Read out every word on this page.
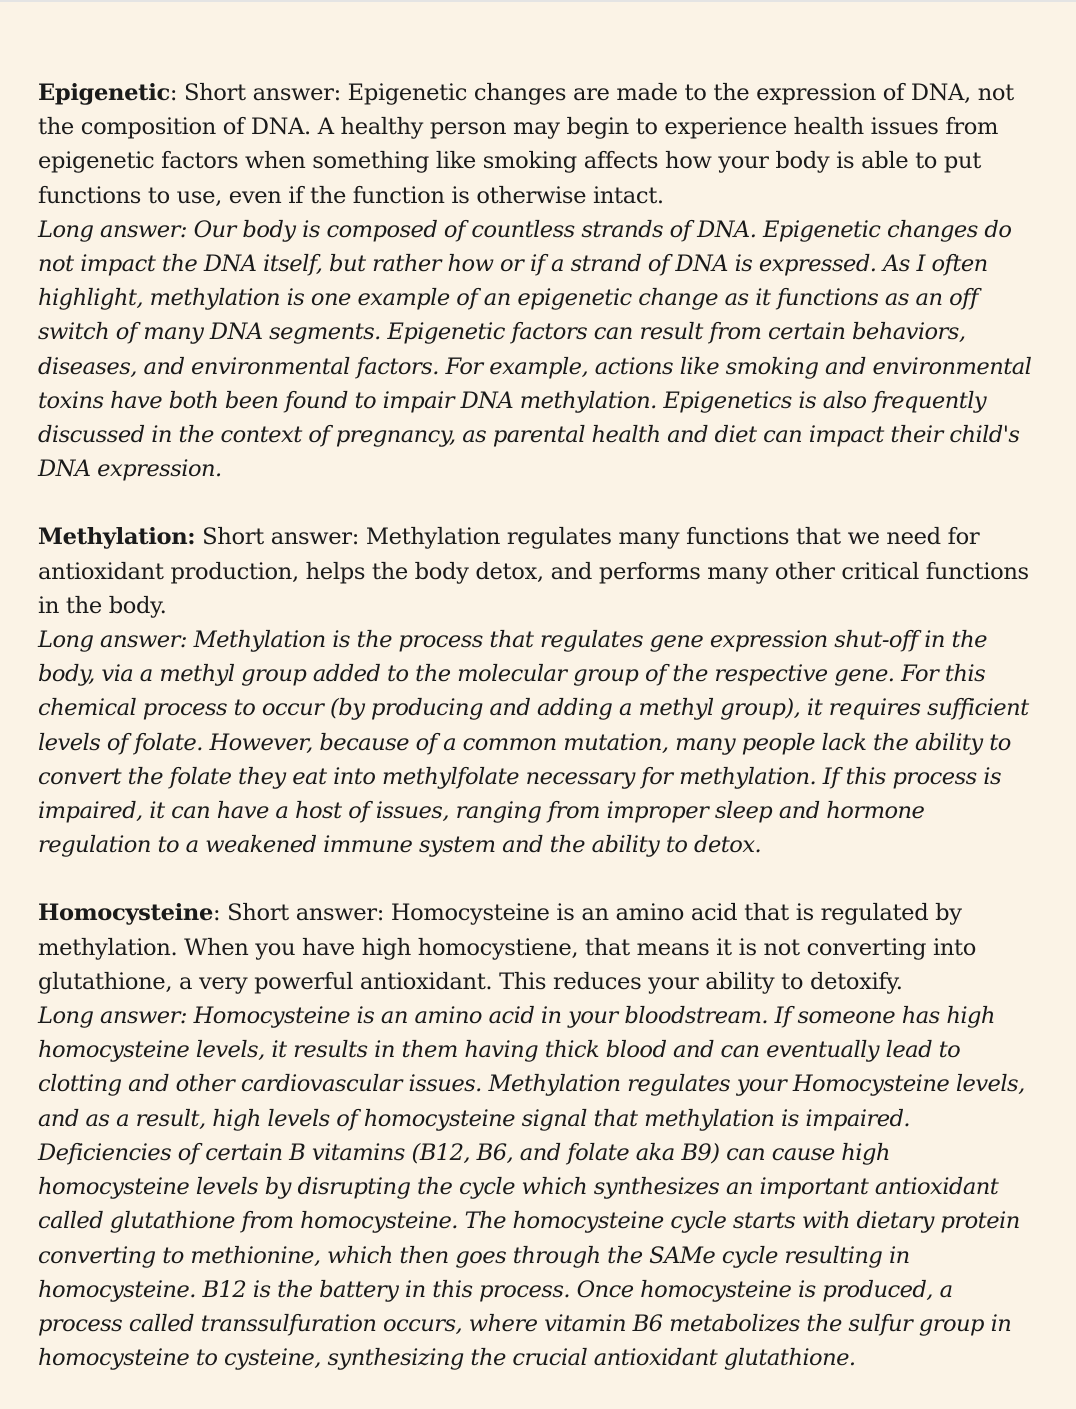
Epigenetic: Short answer: Epigenetic changes are made to the expression of DNA, not the composition of DNA. A healthy person may begin to experience health issues from epigenetic factors when something like smoking affects how your body is able to put functions to use, even if the function is otherwise intact.

Long answer: Our body is composed of countless strands of DNA. Epigenetic changes do not impact the DNA itself, but rather how or if a strand of DNA is expressed. As I often highlight, methylation is one example of an epigenetic change as it functions as an off switch of many DNA segments. Epigenetic factors can result from certain behaviors, diseases, and environmental factors. For example, actions like smoking and environmental toxins have both been found to impair DNA methylation. Epigenetics is also frequently discussed in the context of pregnancy, as parental health and diet can impact their child's DNA expression.

Methylation: Short answer: Methylation regulates many functions that we need for antioxidant production, helps the body detox, and performs many other critical functions in the body.

Long answer: Methylation is the process that regulates gene expression shut-off in the body, via a methyl group added to the molecular group of the respective gene. For this chemical process to occur (by producing and adding a methyl group), it requires sufficient levels of folate. However, because of a common mutation, many people lack the ability to convert the folate they eat into methylfolate necessary for methylation. If this process is impaired, it can have a host of issues, ranging from improper sleep and hormone regulation to a weakened immune system and the ability to detox.

Homocysteine: Short answer: Homocysteine is an amino acid that is regulated by methylation. When you have high homocystiene, that means it is not converting into glutathione, a very powerful antioxidant. This reduces your ability to detoxify.

Long answer: Homocysteine is an amino acid in your bloodstream. If someone has high homocysteine levels, it results in them having thick blood and can eventually lead to clotting and other cardiovascular issues. Methylation regulates your Homocysteine levels, and as a result, high levels of homocysteine signal that methylation is impaired. Deficiencies of certain B vitamins (B12, B6, and folate aka B9) can cause high homocysteine levels by disrupting the cycle which synthesizes an important antioxidant called glutathione from homocysteine. The homocysteine cycle starts with dietary protein converting to methionine, which then goes through the SAMe cycle resulting in homocysteine. B12 is the battery in this process. Once homocysteine is produced, a process called transsulfuration occurs, where vitamin B6 metabolizes the sulfur group in homocysteine to cysteine, synthesizing the crucial antioxidant glutathione.
